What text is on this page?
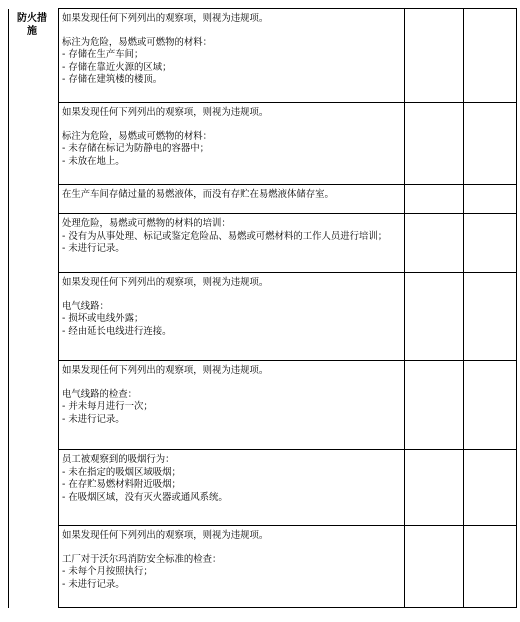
防火措施		如果发现任何下列列出的观察项，则视为违规项。
标注为危险，易燃或可燃物的材料：
- 存储在生产车间；
- 存储在靠近火源的区域；
- 存储在建筑楼的楼顶。		

		如果发现任何下列列出的观察项，则视为违规项。
标注为危险，易燃或可燃物的材料：
- 未存储在标记为防静电的容器中；
- 未放在地上。		

		在生产车间存储过量的易燃液体，而没有存贮在易燃液体储存室。		

		处理危险，易燃或可燃物的材料的培训：
- 没有为从事处理、标记或鉴定危险品、易燃或可燃材料的工作人员进行培训；
- 未进行记录。		

		如果发现任何下列列出的观察项，则视为违规项。
电气线路：
- 损坏或电线外露；
- 经由延长电线进行连接。		

		如果发现任何下列列出的观察项，则视为违规项。
电气线路的检查：
- 并未每月进行一次；
- 未进行记录。		

		员工被观察到的吸烟行为：
- 未在指定的吸烟区域吸烟；
- 在存贮易燃材料附近吸烟；
- 在吸烟区域，没有灭火器或通风系统。		

		如果发现任何下列列出的观察项，则视为违规项。
工厂对于沃尔玛消防安全标准的检查：
- 未每个月按照执行；
- 未进行记录。		
